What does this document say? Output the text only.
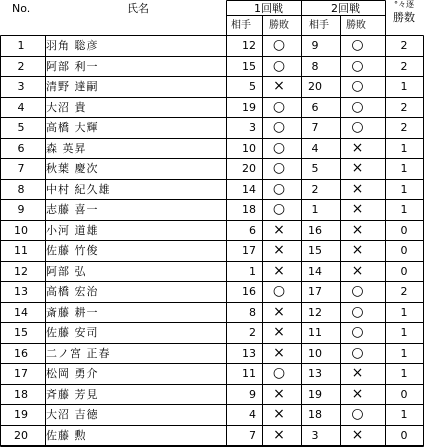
No.	氏名	1回戦	2回戦	°々逐
勝数
相手 勝敗 相手 勝敗
1	羽角 聡彦	12	○	9	○	2
2	阿部 利一	15	○	8	○	2
3	清野 達嗣	5	×	20	○	1
4	大沼 貴	19	○	6	○	2
5	高橋 大輝	3	○	7	○	2
6	森 英昇	10	○	4	×	1
7	秋葉 慶次	20	○	5	×	1
8	中村 紀久雄	14	○	2	×	1
9	志藤 喜一	18	○	1	×	1
10	小河 道雄	6	×	16	×	0
11	佐藤 竹俊	17	×	15	×	0
12	阿部 弘	1	×	14	×	0
13	高橋 宏治	16	○	17	○	2
14	斎藤 耕一	8	×	12	○	1
15	佐藤 安司	2	×	11	○	1
16	二ノ宮 正春	13	×	10	○	1
17	松岡 勇介	11	○	13	×	1
18	斉藤 芳見	9	×	19	×	0
19	大沼 吉徳	4	×	18	○	1
20	佐藤 勲	7	×	3	×	0
